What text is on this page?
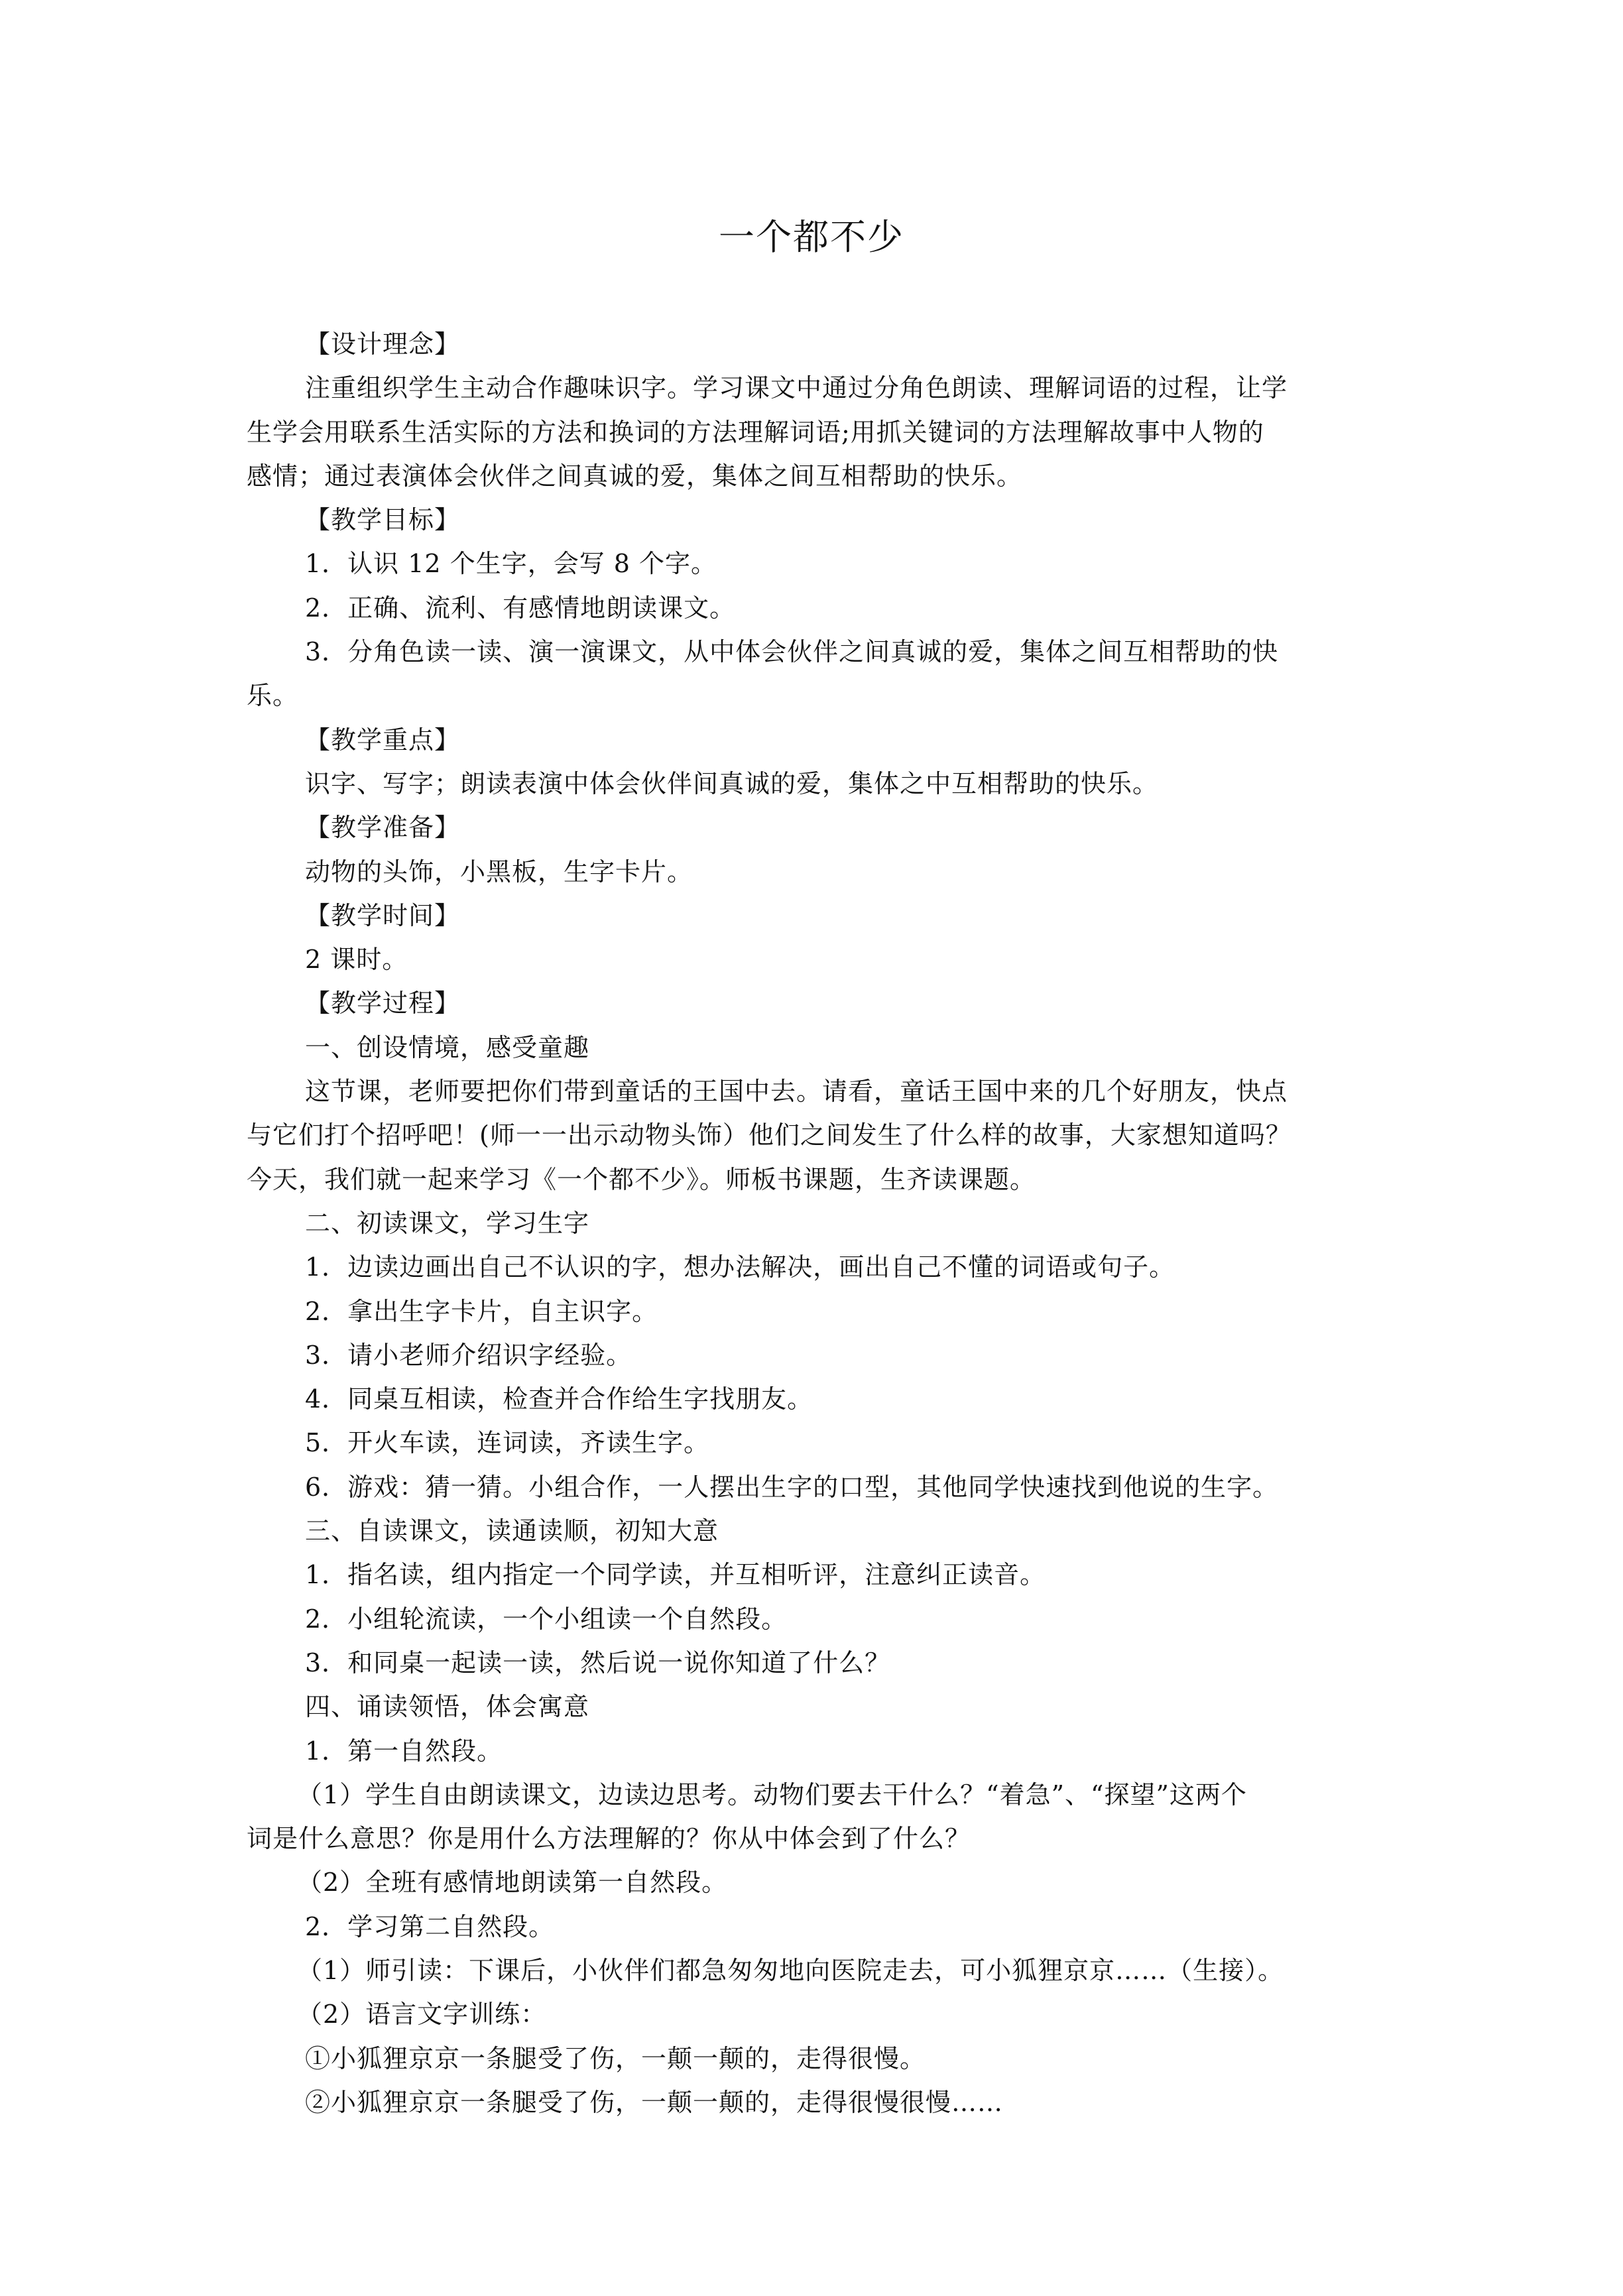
一个都不少

【设计理念】

注重组织学生主动合作趣味识字。学习课文中通过分角色朗读、理解词语的过程，让学

生学会用联系生活实际的方法和换词的方法理解词语;用抓关键词的方法理解故事中人物的

感情；通过表演体会伙伴之间真诚的爱，集体之间互相帮助的快乐。

【教学目标】

1．认识 12 个生字，会写 8 个字。

2．正确、流利、有感情地朗读课文。

3．分角色读一读、演一演课文，从中体会伙伴之间真诚的爱，集体之间互相帮助的快

乐。

【教学重点】

识字、写字；朗读表演中体会伙伴间真诚的爱，集体之中互相帮助的快乐。

【教学准备】

动物的头饰，小黑板，生字卡片。

【教学时间】

2 课时。

【教学过程】

一、创设情境，感受童趣

这节课，老师要把你们带到童话的王国中去。请看，童话王国中来的几个好朋友，快点

与它们打个招呼吧！(师一一出示动物头饰）他们之间发生了什么样的故事，大家想知道吗？

今天，我们就一起来学习《一个都不少》。师板书课题，生齐读课题。

二、初读课文，学习生字

1．边读边画出自己不认识的字，想办法解决，画出自己不懂的词语或句子。

2．拿出生字卡片，自主识字。

3．请小老师介绍识字经验。

4．同桌互相读，检查并合作给生字找朋友。

5．开火车读，连词读，齐读生字。

6．游戏：猜一猜。小组合作，一人摆出生字的口型，其他同学快速找到他说的生字。

三、自读课文，读通读顺，初知大意

1．指名读，组内指定一个同学读，并互相听评，注意纠正读音。

2．小组轮流读，一个小组读一个自然段。

3．和同桌一起读一读，然后说一说你知道了什么？

四、诵读领悟，体会寓意

1．第一自然段。

（1）学生自由朗读课文，边读边思考。动物们要去干什么？“着急”、“探望”这两个

词是什么意思？你是用什么方法理解的？你从中体会到了什么？

（2）全班有感情地朗读第一自然段。

2．学习第二自然段。

（1）师引读：下课后，小伙伴们都急匆匆地向医院走去，可小狐狸京京……（生接）。

（2）语言文字训练：

①小狐狸京京一条腿受了伤，一颠一颠的，走得很慢。

②小狐狸京京一条腿受了伤，一颠一颠的，走得很慢很慢……
